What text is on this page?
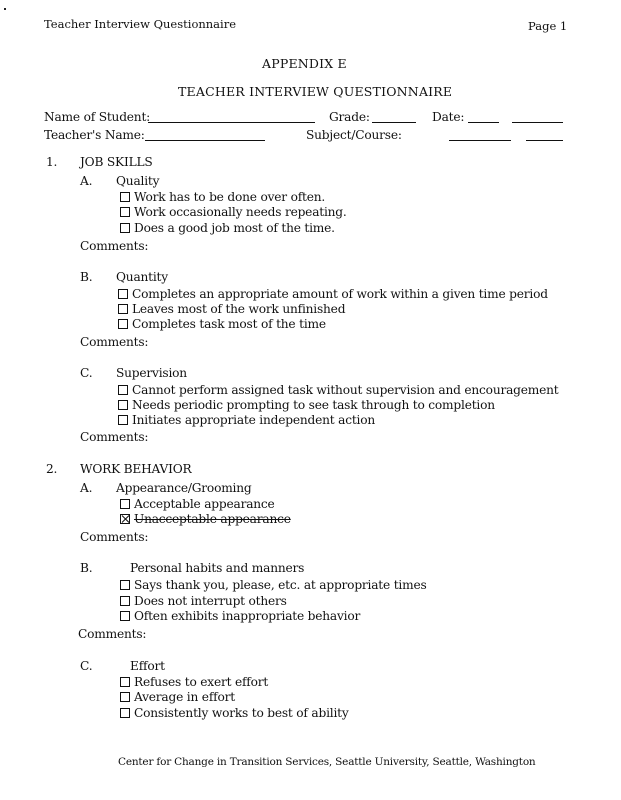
Teacher Interview Questionnaire	Page 1
APPENDIX E
TEACHER INTERVIEW QUESTIONNAIRE
Name of Student:	Grade:	Date:
Teacher's Name:	Subject/Course:
1. JOB SKILLS
A. Quality
Work has to be done over often.
Work occasionally needs repeating.
Does a good job most of the time.
Comments:
B. Quantity
Completes an appropriate amount of work within a given time period
Leaves most of the work unfinished
Completes task most of the time
Comments:
C. Supervision
Cannot perform assigned task without supervision and encouragement
Needs periodic prompting to see task through to completion
Initiates appropriate independent action
Comments:
2. WORK BEHAVIOR
A. Appearance/Grooming
Acceptable appearance
Unacceptable appearance
Comments:
B.	Personal habits and manners
Says thank you, please, etc. at appropriate times
Does not interrupt others
Often exhibits inappropriate behavior
Comments:
C.	Effort
Refuses to exert effort
Average in effort
Consistently works to best of ability
Center for Change in Transition Services, Seattle University, Seattle, Washington
